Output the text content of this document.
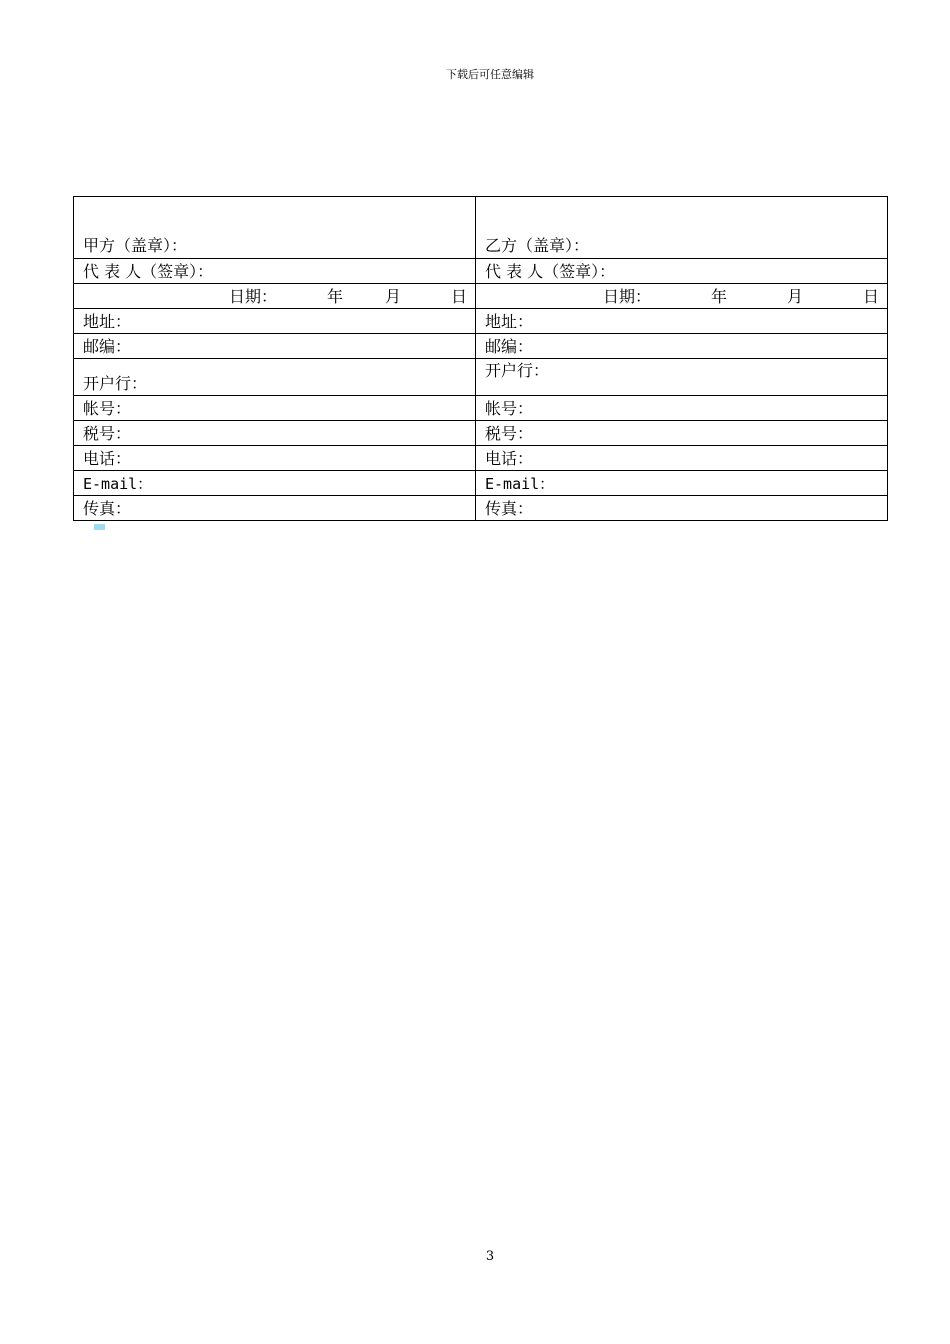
下载后可任意编辑
甲方（盖章）：	乙方（盖章）：
代 表 人（签章）：	代 表 人（签章）：
日期： 年 月 日	日期： 年 月 日
地址：	地址：
邮编：	邮编：
开户行：	开户行：
帐号：	帐号：
税号：	税号：
电话：	电话：
E-mail：	E-mail：
传真：	传真：
3
